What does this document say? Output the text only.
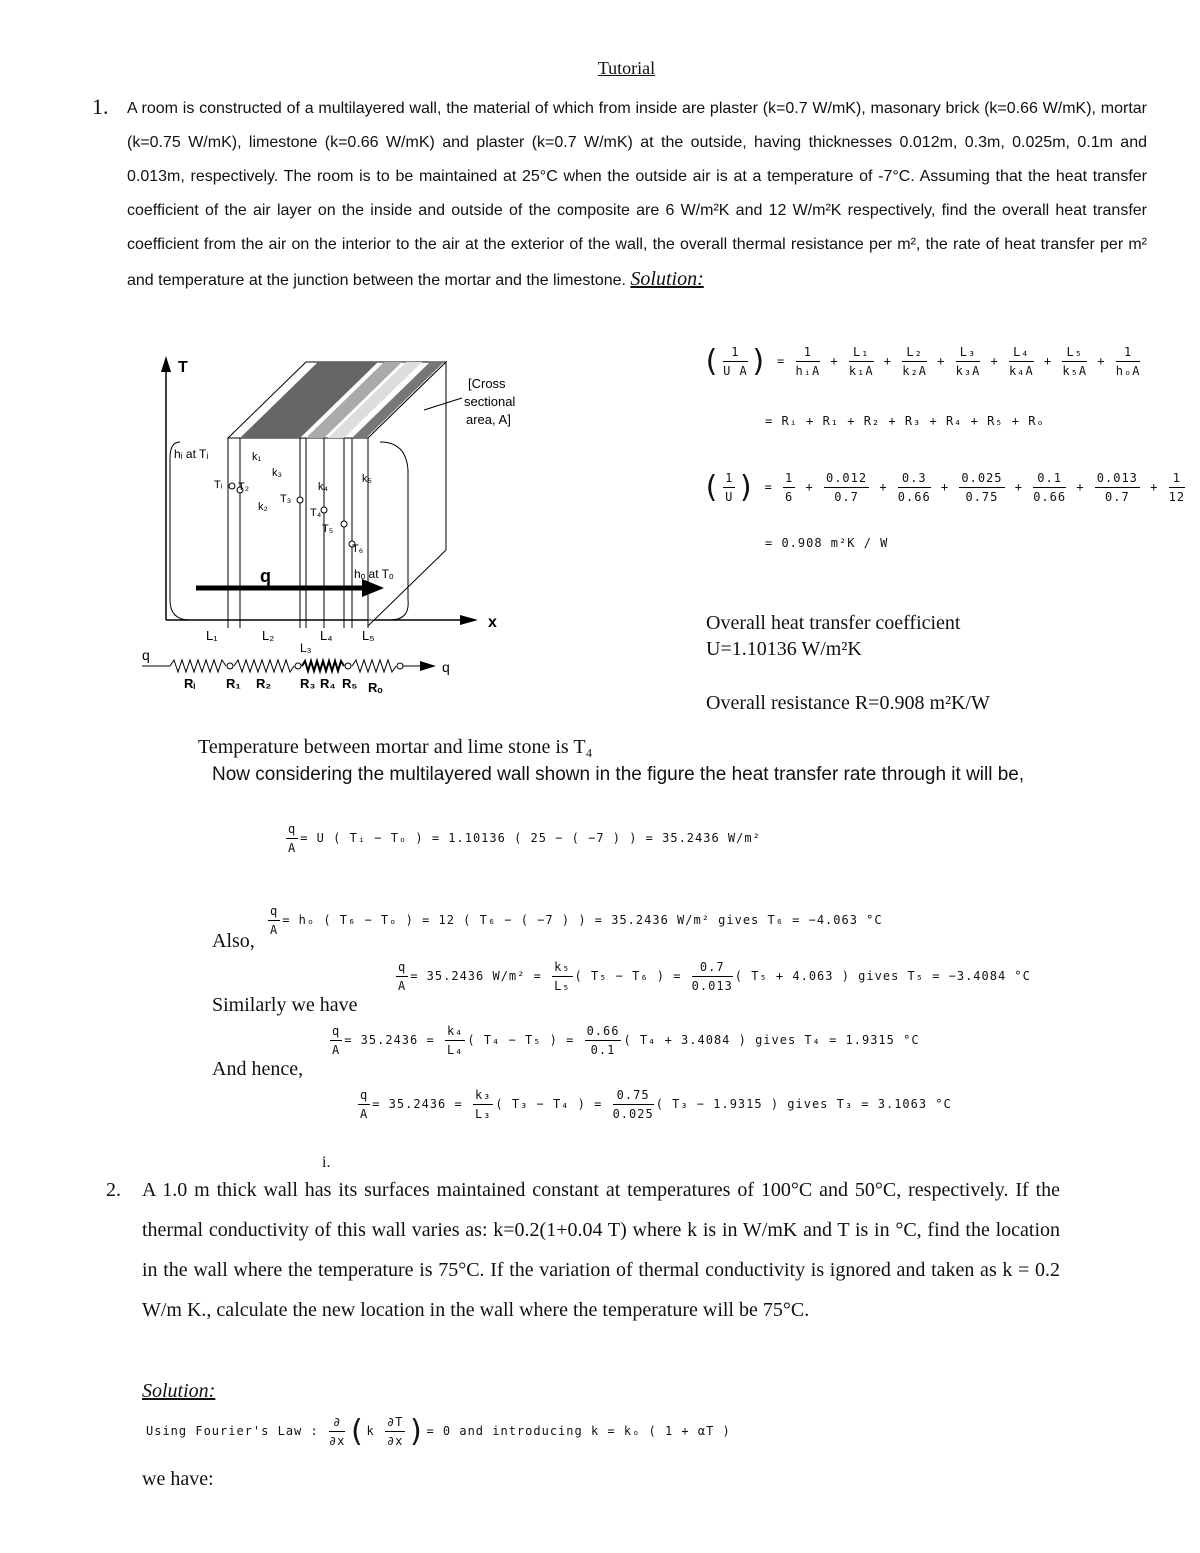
Tutorial
1. A room is constructed of a multilayered wall, the material of which from inside are plaster (k=0.7 W/mK), masonary brick (k=0.66 W/mK), mortar (k=0.75 W/mK), limestone (k=0.66 W/mK) and plaster (k=0.7 W/mK) at the outside, having thicknesses 0.012m, 0.3m, 0.025m, 0.1m and 0.013m, respectively. The room is to be maintained at 25°C when the outside air is at a temperature of -7°C. Assuming that the heat transfer coefficient of the air layer on the inside and outside of the composite are 6 W/m²K and 12 W/m²K respectively, find the overall heat transfer coefficient from the air on the interior to the air at the exterior of the wall, the overall thermal resistance per m², the rate of heat transfer per m² and temperature at the junction between the mortar and the limestone. Solution:
T
x
hᵢ at Tᵢ
hₒ at Tₒ
k₁
k₂
k₃
k₄
k₅
Tᵢ T₂
T₃
T₄
T₅
T₆
q
[Cross
sectional
area, A]
L₁	L₂
L₃
L₄ L₅
q
q
Rᵢ R₁ R₂ R₃ R₄ R₅ Rₒ
( $\frac{1}{\text{U A}}$ ) = $\frac{1}{\text{hᵢA}} + \frac{\text{L₁}}{\text{k₁A}} + \frac{\text{L₂}}{\text{k₂A}} + \frac{\text{L₃}}{\text{k₃A}} + \frac{\text{L₄}}{\text{k₄A}} + \frac{\text{L₅}}{\text{k₅A}} + \frac{1}{\text{hₒA}}$
= Rᵢ + R₁ + R₂ + R₃ + R₄ + R₅ + Rₒ
( $\frac{1}{U}$ ) = $\frac{1}{6} + \frac{0.012}{0.7} + \frac{0.3}{0.66} + \frac{0.025}{0.75} + \frac{0.1}{0.66} + \frac{0.013}{0.7} + \frac{1}{12}$
= 0.908 m²K / W
Overall heat transfer coefficient
U=1.10136 W/m²K
Overall resistance R=0.908 m²K/W
Temperature between mortar and lime stone is T₄
Now considering the multilayered wall shown in the figure the heat transfer rate through it will be,
$\frac{q}{A} = U$ ( Tᵢ − Tₒ ) = 1.10136 ( 25 − ( −7 ) ) = 35.2436 W/m²
Also,
$\frac{q}{A} = h_o$ ( T₆ − Tₒ ) = 12 ( T₆ − ( −7 ) ) = 35.2436 W/m² gives T₆ = −4.063 °C
Similarly we have
$\frac{q}{A} = 35.2436$ $W/m^2 = \frac{\text{k₅}}{\text{L₅}}$ ( T₅ − T₆ ) = $\frac{0.7}{0.013}$ ( T₅ + 4.063 ) gives T₅ = −3.4084 °C
And hence,
$\frac{q}{A} = 35.2436 = \frac{\text{k₄}}{\text{L₄}}$ ( T₄ − T₅ ) = $\frac{0.66}{0.1}$ ( T₄ + 3.4084 ) gives T₄ = 1.9315 °C
$\frac{q}{A} = 35.2436 = \frac{\text{k₃}}{\text{L₃}}$ ( T₃ − T₄ ) = $\frac{0.75}{0.025}$ ( T₃ − 1.9315 ) gives T₃ = 3.1063 °C
i.
2. A 1.0 m thick wall has its surfaces maintained constant at temperatures of 100°C and 50°C, respectively. If the thermal conductivity of this wall varies as: k=0.2(1+0.04 T) where k is in W/mK and T is in °C, find the location in the wall where the temperature is 75°C. If the variation of thermal conductivity is ignored and taken as k = 0.2 W/m K., calculate the new location in the wall where the temperature will be 75°C.
Solution:
Using Fourier's Law : $\frac{\partial}{\partial x} (k \frac{\partial T}{\partial x}$ )= 0 and introducing k = kₒ ( 1 + αT )
we have:
